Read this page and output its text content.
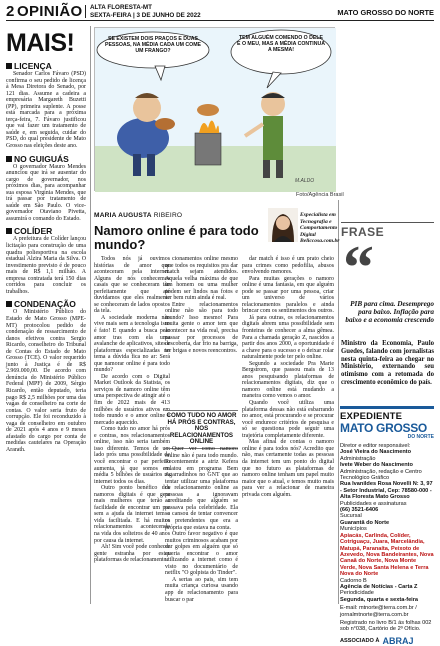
2 OPINIÃO ALTA FLORESTA-MT
SEXTA-FEIRA | 3 DE JUNHO DE 2022	MATO GROSSO DO NORTE
MAIS!
LICENÇA

Senador Carlos Fávaro (PSD) confirma o seu pedido de licença à Mesa Diretora do Senado, por 121 dias. Assume a cadeira a empresária Margareth Buzetti (PP), primeira suplente. A posse está marcada para a próxima terça-feira, 7. Fávaro justificou que vai fazer um tratamento de saúde e, em seguida, cuidar do PSD, do qual presidente de Mato Grosso nas eleições deste ano.

NO GUIGUÁS

O governador Mauro Mendes anunciou que irá se ausentar do cargo de governador, nos próximos dias, para acompanhar sua esposa Virgínia Mendes, que irá passar por tratamento de saúde em São Paulo. O vice-governador Otaviano Pivetta, assumirá o comando do Estado.

COLÍDER

A prefeitura de Colíder lançou licitação para construção de uma quadra poliesportiva na escola estadual Alzira Maria da Silva. O investimento previsto é de pouco mais de R$ 1,1 milhão. A empresa contratada terá 150 dias corridos para concluir os trabalhos.

CONDENAÇÃO

O Ministério Público do Estado de Mato Grosso (MPE-MT) protocolou pedido de condenação de ressarcimento de danos efetivos contra Sergio Ricardo, conselheiro do Tribunal de Contas do Estado de Mato Grosso (TCE). O valor requerido junto à Justiça é de R$ 2.969.000,00. De acordo com denúncia do Ministério Público Federal (MPF) de 2009, Sérgio Ricardo, então deputado, teria pago R$ 2,5 milhões por uma das vagas de conselheiro na corte de contas. O valor seria fruto de corrupção. Ele foi reconduzido à vaga de conselheiro em outubro de 2021 após 4 anos e 9 meses afastado do cargo por conta de medidas cautelares na Operação Ararath.

SE EXISTEM DOIS PRAÇOS E DUAS PESSOAS, NA MÉDIA CADA UM COME UM FRANGO?
TEM ALGUÉM COMENDO O DELE E O MEU, MAS A MÉDIA CONTINUA A MESMA!
M.ALDO
Foto/Agência Brasil
MARIA AUGUSTA RIBEIRO
Namoro online é para todo mundo?
Especialista em Tecnografia e Comportamento Digital Beliccosa.com.br

Todos nós já ouvimos histórias de amor que aconteceram pela internet. Alguns de nós conhecemos casais que se conheceram tão perfeitamente que até duvidamos que eles realmente se conheceram de lados opostos da tela.

A sociedade moderna não vive mais sem a tecnologia isso é fato! E quando a busca pelo amor tras com ela uma avalanche de aplicativos, sites e plataformas especializadas no tema a dúvida fica no ar: Será que namorar online é para todo mundo?

De acordo com o Digital Market Outlook da Statista, os serviços de namoro online têm uma perspectiva de atingir até o fim de 2022 mais de 413 milhões de usuários ativos em todo mundo e o amor online é mercado aquecido.

Como tudo no amor há prós e contras, nos relacionamentos online, isso não seria também isso diferente. Temos de um lado prós uma possibilidade de você encontrar o par perfeito aumenta, já que somos em média 5 bilhões de usuários na internet todos os dias.

Outro ponto benéfico dos namoros digitais é que gera mais mulheres que terão a facilidade de encontrar um par sem a ajuda da internet tem a vida facilitada. E há muitos relacionamentos acontecendo na vida dos solteiros de 40 anos por causa da internet.

Ah! Sim você pode conhecer gente estranha por estas plataformas de relacionamento.

cionamentos online mesmo que todos os requisitos pra dar match sejam atendidos. Aquela velha máxima de que um homem ou uma mulher podem ser lindos nas fotos e ser bem ruim ainda é real.

Entre relacionamentos online não são para todo mundo? Isso mesmo! Para muita gente o amor tem que acontecer na vida real, precisa passar por processos de descoberta, dar frio na barriga, ter brigas e novos reencontros.

COMO TUDO NO AMOR HÁ PRÓS E CONTRAS, NOS RELACIONAMENTOS ONLINE

Quer ver como namoro online não é para todo mundo. Recentemente a atriz Kefera relatou em programa Bem Agarradinhos no GNT que ao tentar utilizar uma plataforma de relacionamento online as pessoas a ignoravam acreditando que alguém se passava pela celebridade. Ela se cansou de tentar convencer os pretendentes que era a própria que estava na conta.

Outro favor negativo é que muitos criminosos acabam por dar golpes em alguém que só queria encontrar o amor utilizando a internet como é visto no documentário de netflix "O golpista do Tinder".

A sertas ao pais, sim tem muita criança curiosa usando app de relacionamento para buscar o par

dar match é isso é um prato cheio para crimes como pedofilia, abusos envolvendo menores.

Para muitas gerações o namoro online é uma fantasia, em que alguém pode se passar por uma pessoa, criar um universo de vários relacionamentos paralelos e ainda brincar com os sentimentos dos outros.

Já para outras, os relacionamentos digitais abrem uma possibilidade sem fronteiras de conhecer a alma gêmea. Para a chamada geração Z, nascidos a partir dos anos 2000, a oportunidade é a chave para o sucesso e o deixar rolar naturalmente pode ter pelo online.

Segundo a sociedade Pra Marie Bergstrom, que passou mais de 13 anos pesquisando plataformas de relacionamentos digitais, diz que o namoro online está mudando a maneira como vemos o amor.

Quando você utiliza uma plataforma dessas não está esbarrando no amor, está procurando e se procurar você endurece critérios de pesquisa e só se questiona pode seguir uma trajetória completamente diferente.

Mas afinal de contas o namoro online é para todos nós? Acredito que não, mas certamente todas as pessoas da internet tem um ponto do digital que no futuro as plataformas de namoro online tenham um papel muito maior que o atual, e temos muito mais para ver a relacionar de maneira privada com alguém.

FRASE
“
PIB para cima. Desemprego para baixo. Inflação para baixo e a economia crescendo
Ministro da Economia, Paulo Guedes, falando com jornalistas nesta quinta-feira ao chegar no Ministério, externando seu otimismo com a retomada do crescimento econômico do país.
EXPEDIENTE
MATO GROSSO
DO NORTE
Diretor e editor responsável:
José Vieira do Nascimento
Administração
Ivete Weber do Nascimento
Administração, redação e Centro Tecnológico Gráfico
Rua Ivanildes Rosa Novelli N: 3, 97 - Setor Industrial, Cep: 78580-000 - Alta Floresta Mato Grosso
Publicidades e assinaturas
(66) 3521-6406
Sucursal
Guarantã do Norte
Municípios
Apiacás, Carlinda, Colíder, Cotriguaçu, Juara, Marcelândia, Matupá, Paranaíta, Peixoto de Azevedo, Nova Bandeirantes, Nova Canaã do Norte, Nova Monte Verde, Nova Santa Helena e Terra Nova do Norte
Cadorno B
Agência de Notícias - Carta Z
Periodicidade
Segunda, quarta e sexta-feira
E-mail: mtnorte@terra.com.br / jornalmtnorte@terra.com.br
Registrado no livro B/1 ás folhas 002 sob n°038, Cartório de 2º Ofício.
ASSOCIADO À ABRAJ
